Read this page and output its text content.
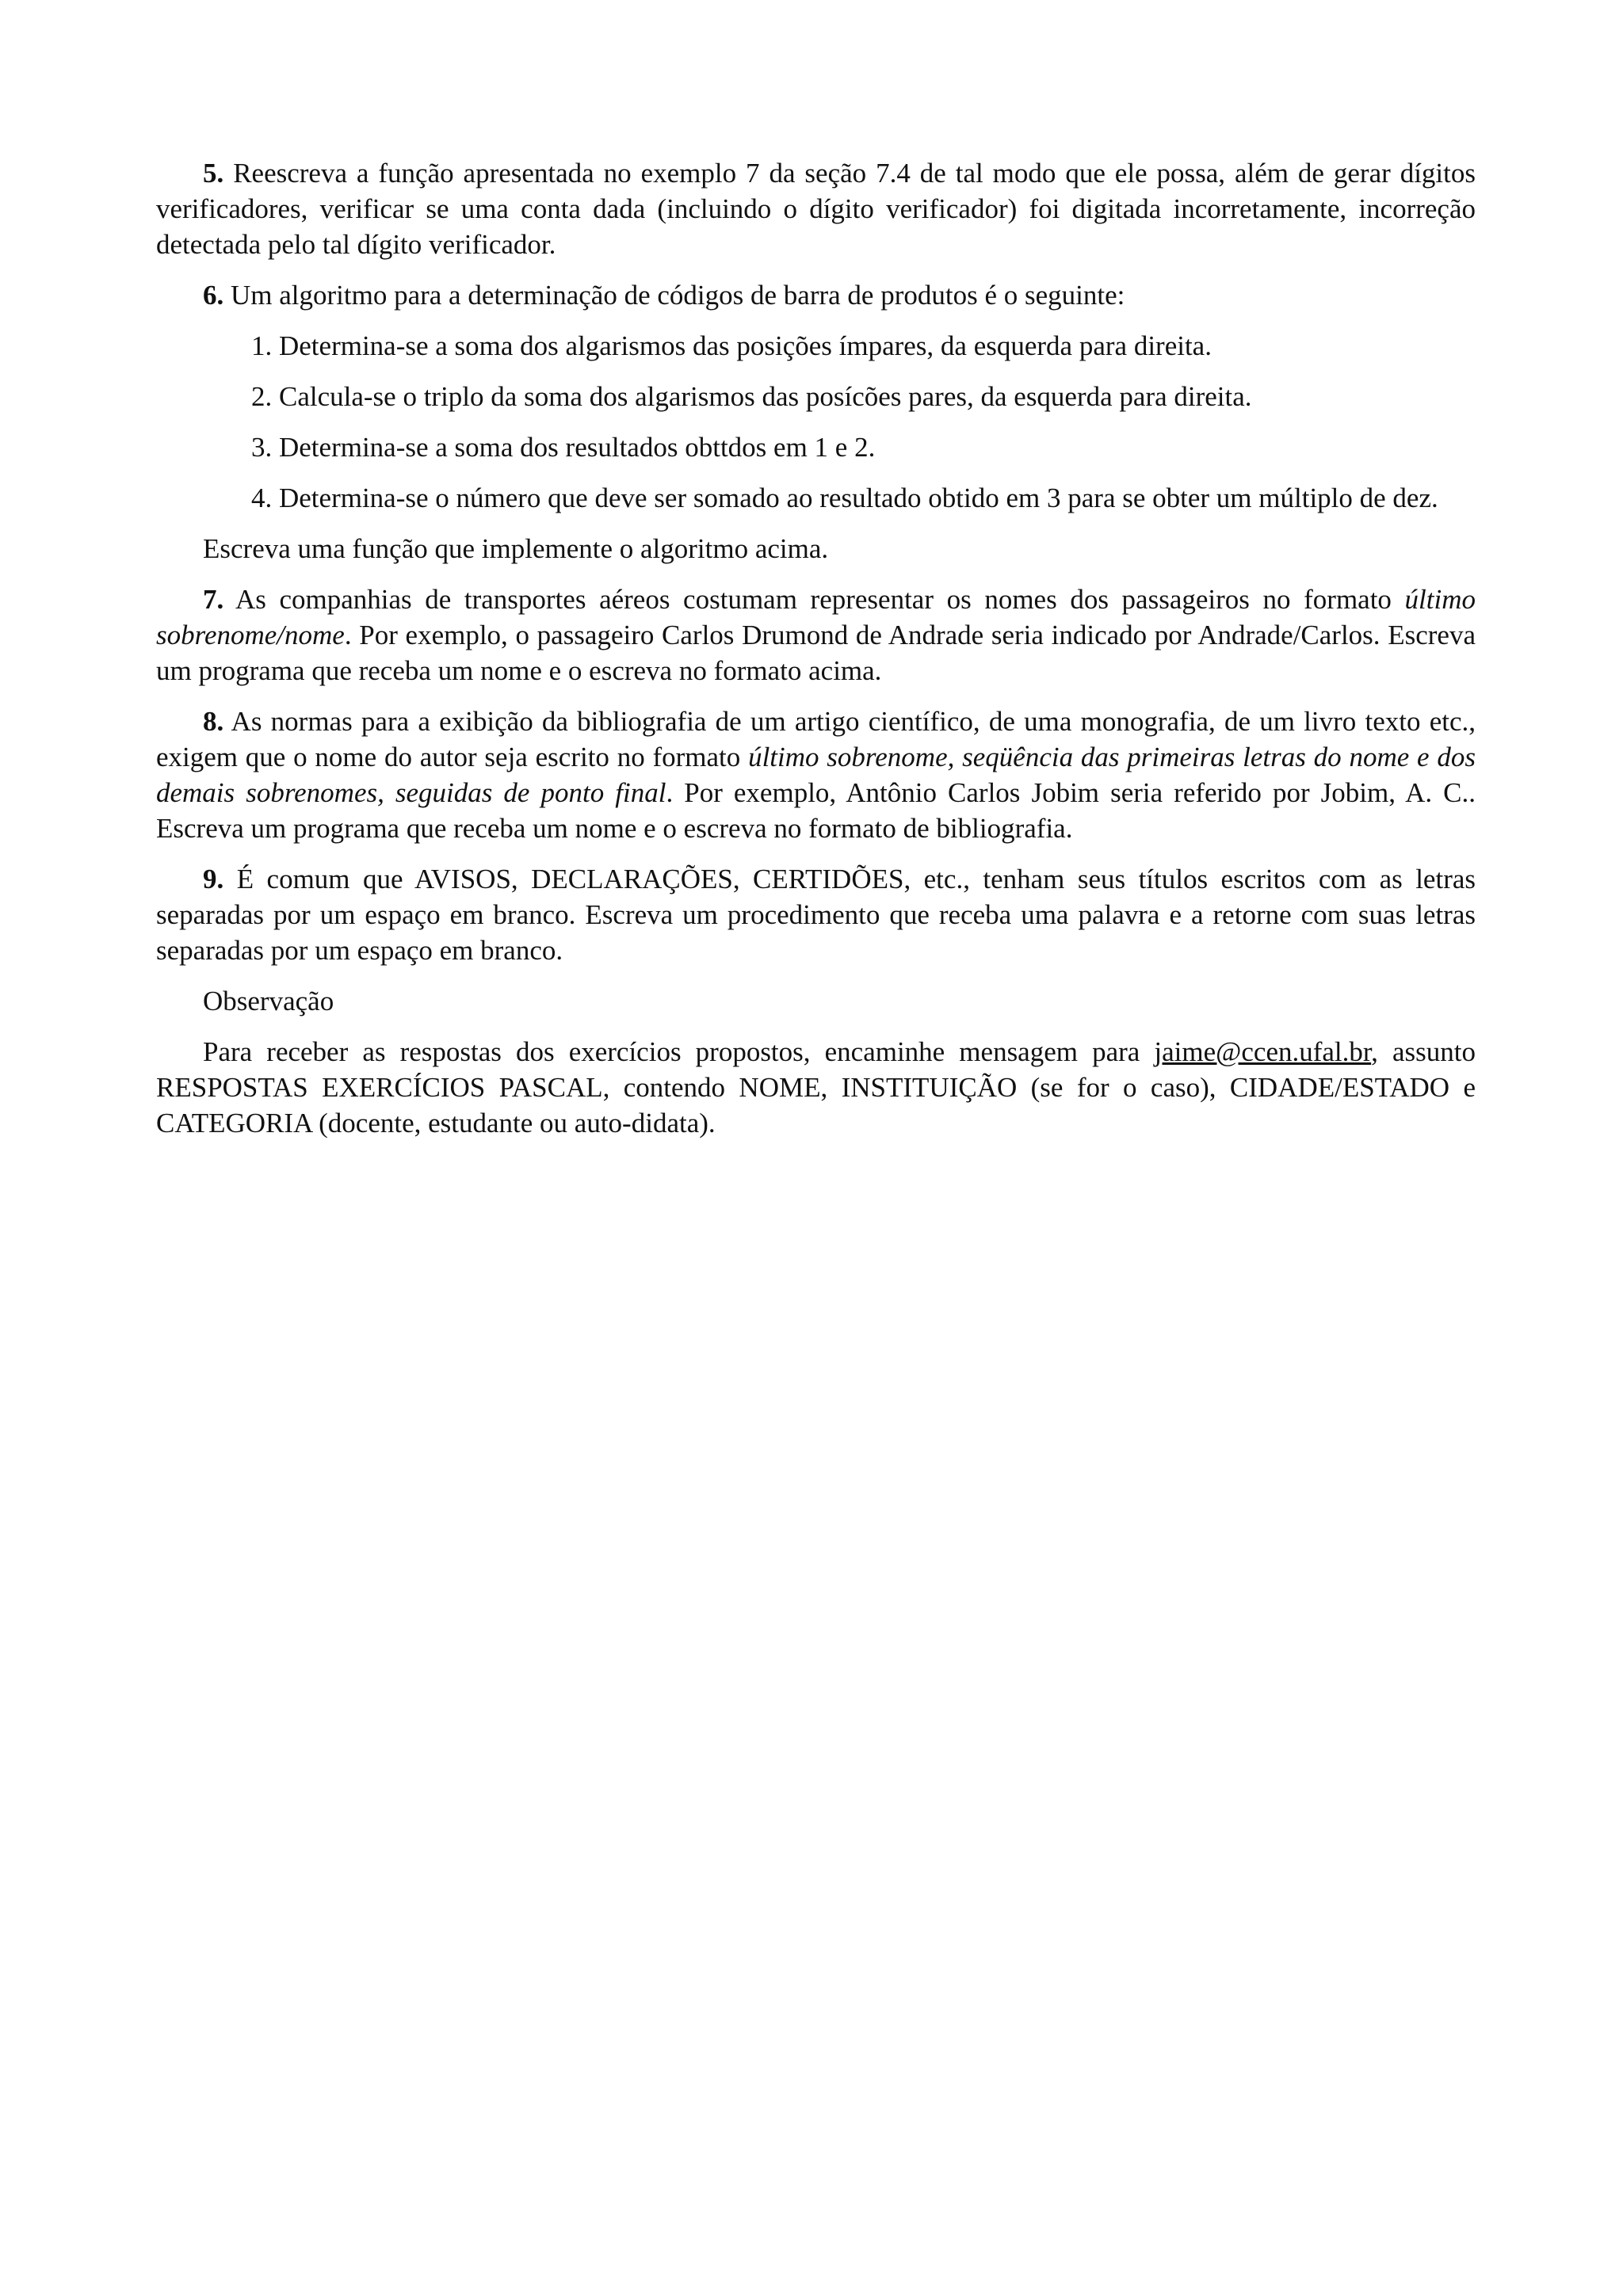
5. Reescreva a função apresentada no exemplo 7 da seção 7.4 de tal modo que ele possa, além de gerar dígitos verificadores, verificar se uma conta dada (incluindo o dígito verificador) foi digitada incorretamente, incorreção detectada pelo tal dígito verificador.

6. Um algoritmo para a determinação de códigos de barra de produtos é o seguinte:

1. Determina-se a soma dos algarismos das posições ímpares, da esquerda para direita.

2. Calcula-se o triplo da soma dos algarismos das posícões pares, da esquerda para direita.

3. Determina-se a soma dos resultados obttdos em 1 e 2.

4. Determina-se o número que deve ser somado ao resultado obtido em 3 para se obter um múltiplo de dez.

Escreva uma função que implemente o algoritmo acima.

7. As companhias de transportes aéreos costumam representar os nomes dos passageiros no formato último sobrenome/nome. Por exemplo, o passageiro Carlos Drumond de Andrade seria indicado por Andrade/Carlos. Escreva um programa que receba um nome e o escreva no formato acima.

8. As normas para a exibição da bibliografia de um artigo científico, de uma monografia, de um livro texto etc., exigem que o nome do autor seja escrito no formato último sobrenome, seqüência das primeiras letras do nome e dos demais sobrenomes, seguidas de ponto final. Por exemplo, Antônio Carlos Jobim seria referido por Jobim, A. C.. Escreva um programa que receba um nome e o escreva no formato de bibliografia.

9. É comum que AVISOS, DECLARAÇÕES, CERTIDÕES, etc., tenham seus títulos escritos com as letras separadas por um espaço em branco. Escreva um procedimento que receba uma palavra e a retorne com suas letras separadas por um espaço em branco.

Observação

Para receber as respostas dos exercícios propostos, encaminhe mensagem para jaime@ccen.ufal.br, assunto RESPOSTAS EXERCÍCIOS PASCAL, contendo NOME, INSTITUIÇÃO (se for o caso), CIDADE/ESTADO e CATEGORIA (docente, estudante ou auto-didata).
